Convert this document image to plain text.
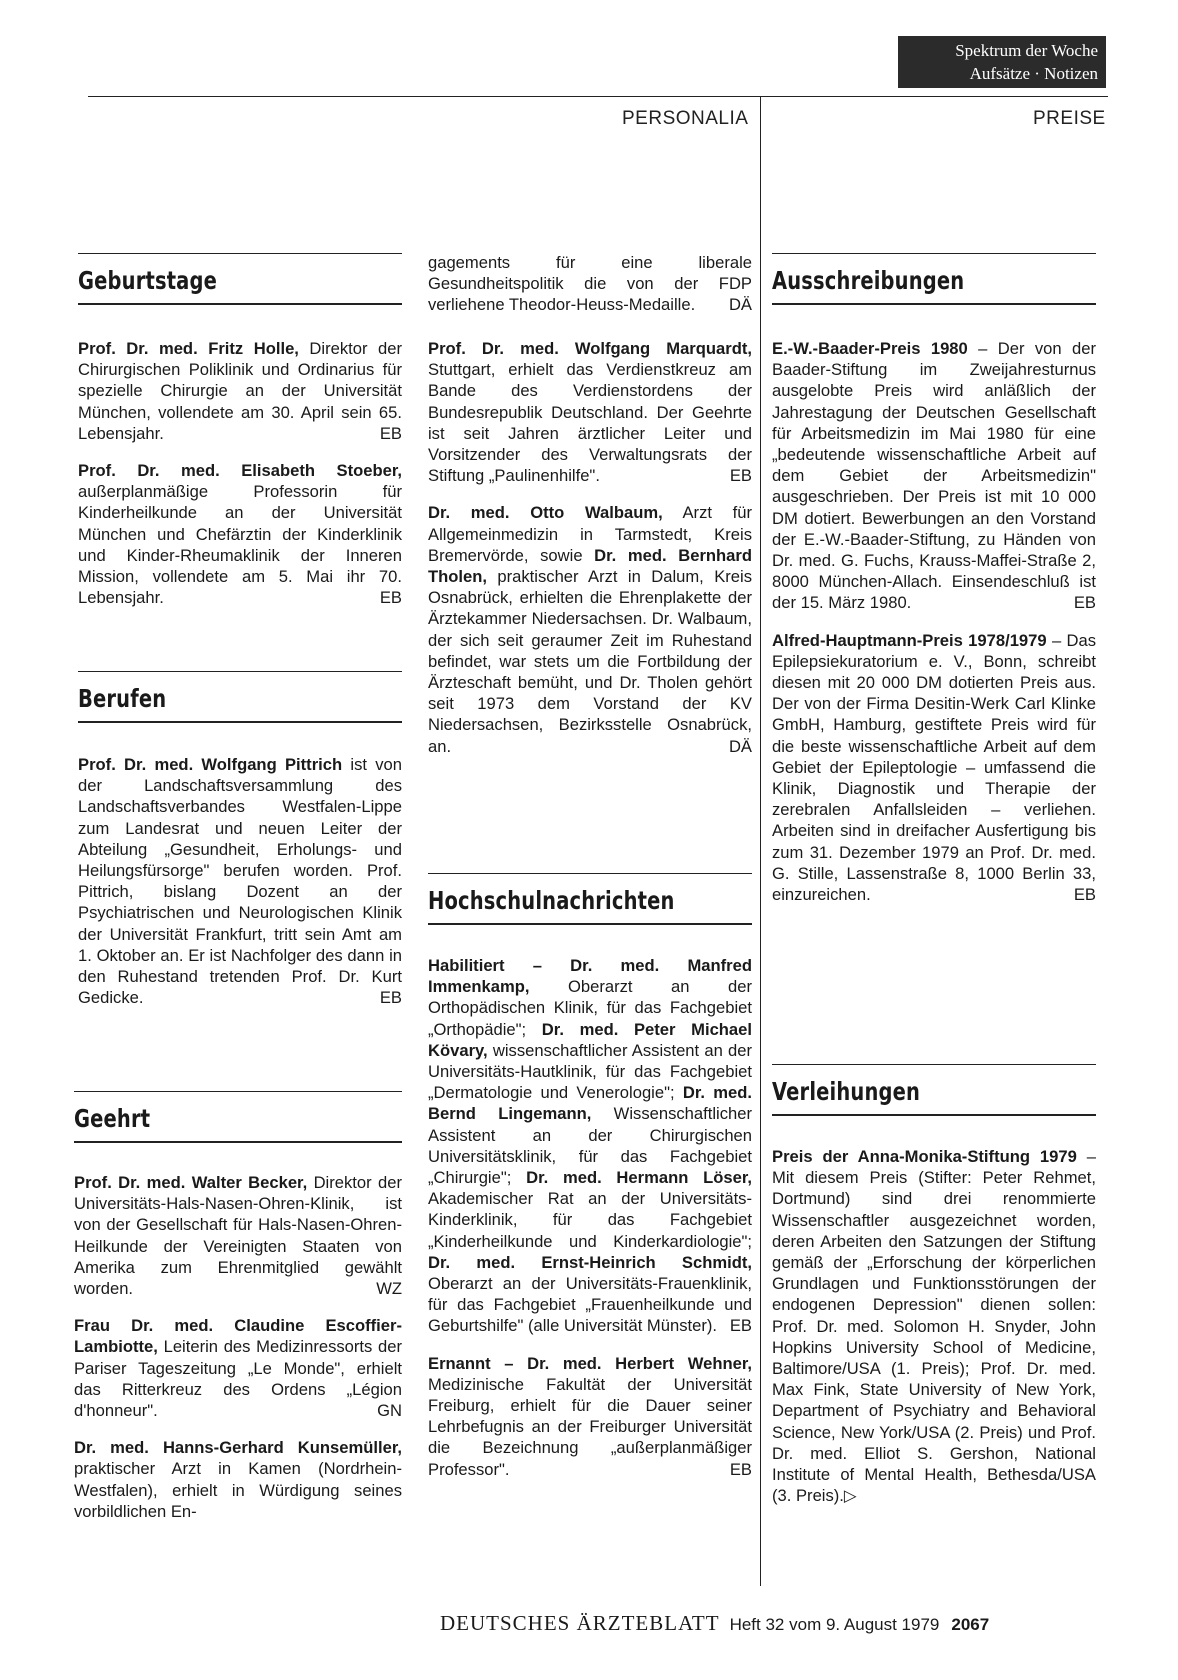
Spektrum der Woche
Aufsätze · Notizen
PERSONALIA	PREISE
Geburtstage

Prof. Dr. med. Fritz Holle, Direktor der Chirurgischen Poliklinik und Ordinarius für spezielle Chirurgie an der Universität München, vollendete am 30. April sein 65. Lebensjahr.	EB

Prof. Dr. med. Elisabeth Stoeber, außerplanmäßige Professorin für Kinderheilkunde an der Universität München und Chefärztin der Kinderklinik und Kinder-Rheumaklinik der Inneren Mission, vollendete am 5. Mai ihr 70. Lebensjahr.	EB

Berufen

Prof. Dr. med. Wolfgang Pittrich ist von der Landschaftsversammlung des Landschaftsverbandes Westfalen-Lippe zum Landesrat und neuen Leiter der Abteilung „Gesundheit, Erholungs- und Heilungsfürsorge" berufen worden. Prof. Pittrich, bislang Dozent an der Psychiatrischen und Neurologischen Klinik der Universität Frankfurt, tritt sein Amt am 1. Oktober an. Er ist Nachfolger des dann in den Ruhestand tretenden Prof. Dr. Kurt Gedicke.	EB

Geehrt

Prof. Dr. med. Walter Becker, Direktor der Universitäts-Hals-Nasen-Ohren-Klinik, ist von der Gesellschaft für Hals-Nasen-Ohren-Heilkunde der Vereinigten Staaten von Amerika zum Ehrenmitglied gewählt worden.	WZ

Frau Dr. med. Claudine Escoffier-Lambiotte, Leiterin des Medizinressorts der Pariser Tageszeitung „Le Monde", erhielt das Ritterkreuz des Ordens „Légion d'honneur".	GN

Dr. med. Hanns-Gerhard Kunsemüller, praktischer Arzt in Kamen (Nordrhein-Westfalen), erhielt in Würdigung seines vorbildlichen En-

gagements für eine liberale Gesundheitspolitik die von der FDP verliehene Theodor-Heuss-Medaille. DÄ

Prof. Dr. med. Wolfgang Marquardt, Stuttgart, erhielt das Verdienstkreuz am Bande des Verdienstordens der Bundesrepublik Deutschland. Der Geehrte ist seit Jahren ärztlicher Leiter und Vorsitzender des Verwaltungsrats der Stiftung „Paulinenhilfe".	EB

Dr. med. Otto Walbaum, Arzt für Allgemeinmedizin in Tarmstedt, Kreis Bremervörde, sowie Dr. med. Bernhard Tholen, praktischer Arzt in Dalum, Kreis Osnabrück, erhielten die Ehrenplakette der Ärztekammer Niedersachsen. Dr. Walbaum, der sich seit geraumer Zeit im Ruhestand befindet, war stets um die Fortbildung der Ärzteschaft bemüht, und Dr. Tholen gehört seit 1973 dem Vorstand der KV Niedersachsen, Bezirksstelle Osnabrück, an.	DÄ

Hochschulnachrichten

Habilitiert – Dr. med. Manfred Immenkamp, Oberarzt an der Orthopädischen Klinik, für das Fachgebiet „Orthopädie"; Dr. med. Peter Michael Kövary, wissenschaftlicher Assistent an der Universitäts-Hautklinik, für das Fachgebiet „Dermatologie und Venerologie"; Dr. med. Bernd Lingemann, Wissenschaftlicher Assistent an der Chirurgischen Universitätsklinik, für das Fachgebiet „Chirurgie"; Dr. med. Hermann Löser, Akademischer Rat an der Universitäts-Kinderklinik, für das Fachgebiet „Kinderheilkunde und Kinderkardiologie"; Dr. med. Ernst-Heinrich Schmidt, Oberarzt an der Universitäts-Frauenklinik, für das Fachgebiet „Frauenheilkunde und Geburtshilfe" (alle Universität Münster). EB

Ernannt – Dr. med. Herbert Wehner, Medizinische Fakultät der Universität Freiburg, erhielt für die Dauer seiner Lehrbefugnis an der Freiburger Universität die Bezeichnung „außerplanmäßiger Professor".	EB

Ausschreibungen

E.-W.-Baader-Preis 1980 – Der von der Baader-Stiftung im Zweijahresturnus ausgelobte Preis wird anläßlich der Jahrestagung der Deutschen Gesellschaft für Arbeitsmedizin im Mai 1980 für eine „bedeutende wissenschaftliche Arbeit auf dem Gebiet der Arbeitsmedizin" ausgeschrieben. Der Preis ist mit 10 000 DM dotiert. Bewerbungen an den Vorstand der E.-W.-Baader-Stiftung, zu Händen von Dr. med. G. Fuchs, Krauss-Maffei-Straße 2, 8000 München-Allach. Einsendeschluß ist der 15. März 1980.	EB

Alfred-Hauptmann-Preis 1978/1979 – Das Epilepsiekuratorium e. V., Bonn, schreibt diesen mit 20 000 DM dotierten Preis aus. Der von der Firma Desitin-Werk Carl Klinke GmbH, Hamburg, gestiftete Preis wird für die beste wissenschaftliche Arbeit auf dem Gebiet der Epileptologie – umfassend die Klinik, Diagnostik und Therapie der zerebralen Anfallsleiden – verliehen. Arbeiten sind in dreifacher Ausfertigung bis zum 31. Dezember 1979 an Prof. Dr. med. G. Stille, Lassenstraße 8, 1000 Berlin 33, einzureichen.	EB

Verleihungen

Preis der Anna-Monika-Stiftung 1979 – Mit diesem Preis (Stifter: Peter Rehmet, Dortmund) sind drei renommierte Wissenschaftler ausgezeichnet worden, deren Arbeiten den Satzungen der Stiftung gemäß der „Erforschung der körperlichen Grundlagen und Funktionsstörungen der endogenen Depression" dienen sollen: Prof. Dr. med. Solomon H. Snyder, John Hopkins University School of Medicine, Baltimore/USA (1. Preis); Prof. Dr. med. Max Fink, State University of New York, Department of Psychiatry and Behavioral Science, New York/USA (2. Preis) und Prof. Dr. med. Elliot S. Gershon, National Institute of Mental Health, Bethesda/USA (3. Preis).▷

DEUTSCHES ÄRZTEBLATT Heft 32 vom 9. August 1979 2067
